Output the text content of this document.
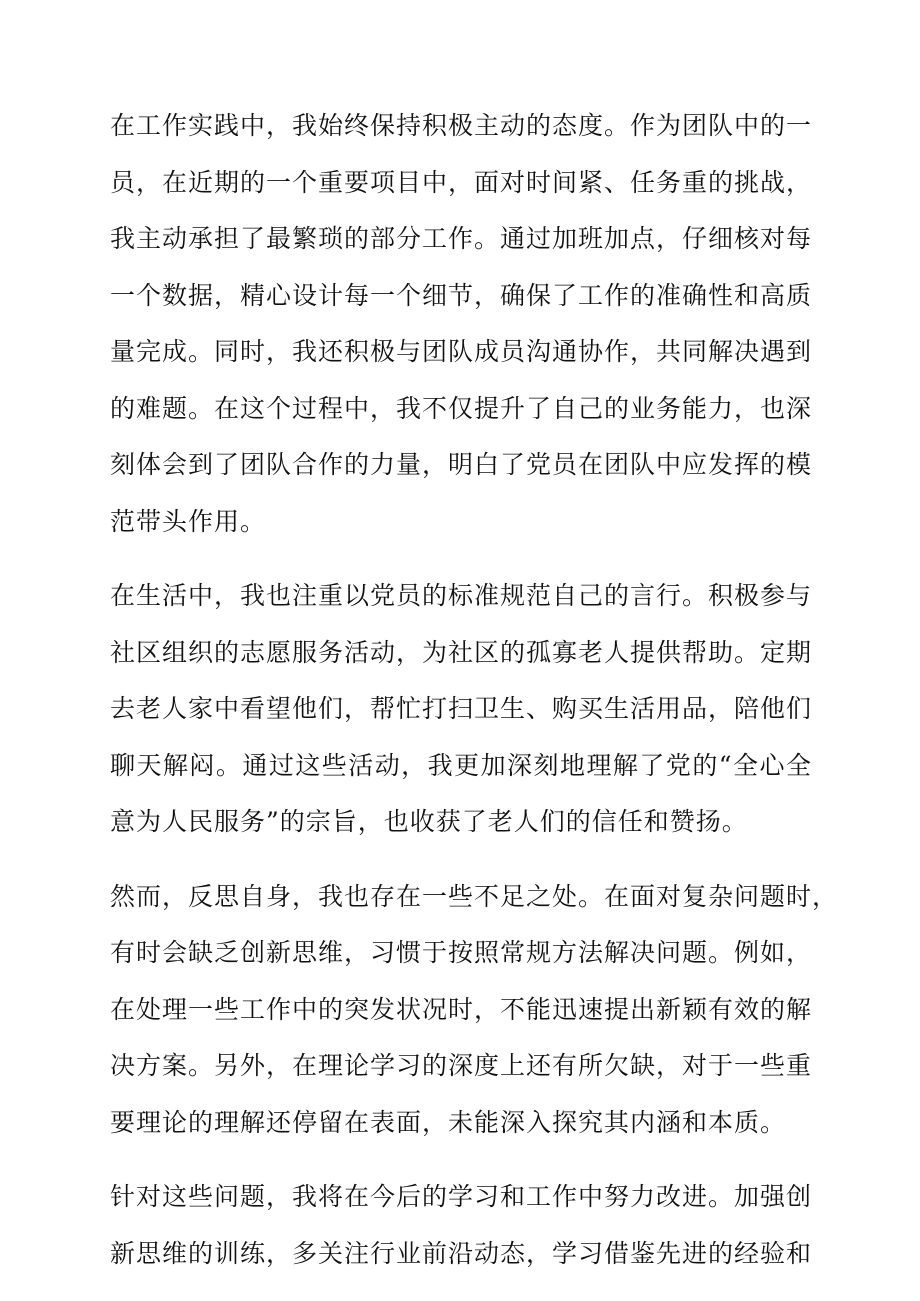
在工作实践中，我始终保持积极主动的态度。作为团队中的一
员，在近期的一个重要项目中，面对时间紧、任务重的挑战，
我主动承担了最繁琐的部分工作。通过加班加点，仔细核对每
一个数据，精心设计每一个细节，确保了工作的准确性和高质
量完成。同时，我还积极与团队成员沟通协作，共同解决遇到
的难题。在这个过程中，我不仅提升了自己的业务能力，也深
刻体会到了团队合作的力量，明白了党员在团队中应发挥的模
范带头作用。

在生活中，我也注重以党员的标准规范自己的言行。积极参与
社区组织的志愿服务活动，为社区的孤寡老人提供帮助。定期
去老人家中看望他们，帮忙打扫卫生、购买生活用品，陪他们
聊天解闷。通过这些活动，我更加深刻地理解了党的“全心全
意为人民服务”的宗旨，也收获了老人们的信任和赞扬。

然而，反思自身，我也存在一些不足之处。在面对复杂问题时，
有时会缺乏创新思维，习惯于按照常规方法解决问题。例如，
在处理一些工作中的突发状况时，不能迅速提出新颖有效的解
决方案。另外，在理论学习的深度上还有所欠缺，对于一些重
要理论的理解还停留在表面，未能深入探究其内涵和本质。

针对这些问题，我将在今后的学习和工作中努力改进。加强创
新思维的训练，多关注行业前沿动态，学习借鉴先进的经验和
